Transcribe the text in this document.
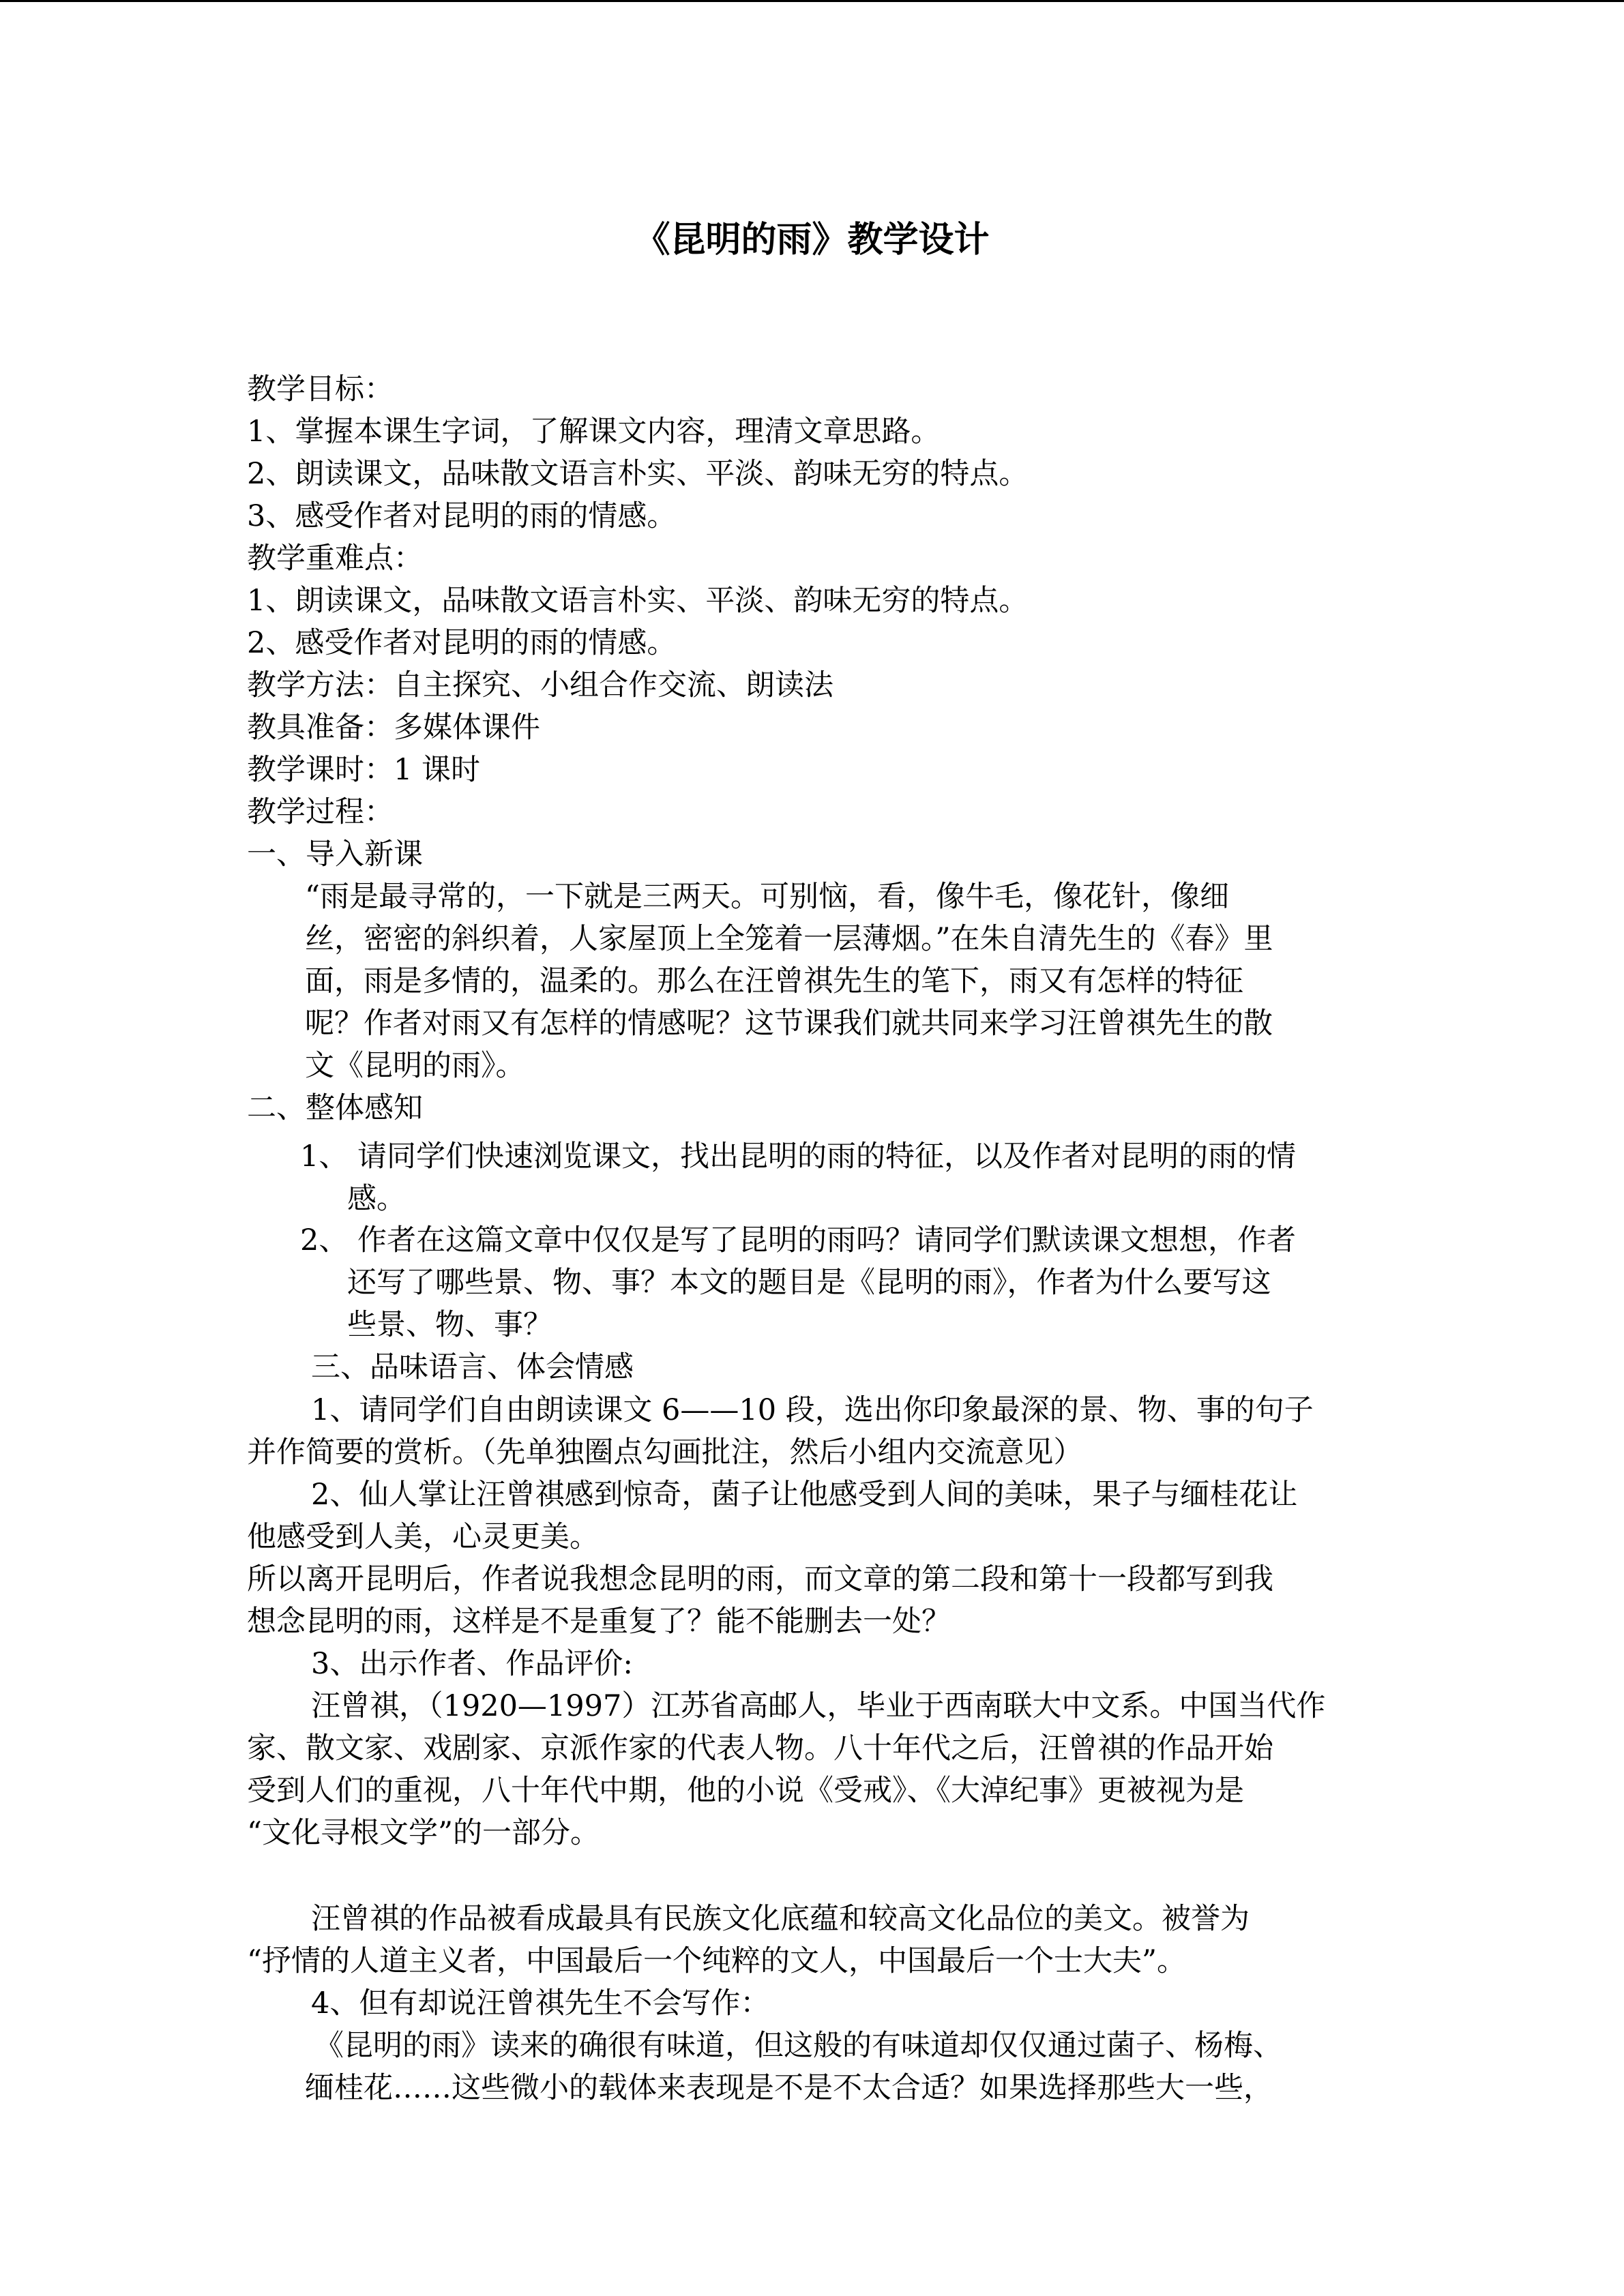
《昆明的雨》教学设计
教学目标：
1、掌握本课生字词，了解课文内容，理清文章思路。
2、朗读课文，品味散文语言朴实、平淡、韵味无穷的特点。
3、感受作者对昆明的雨的情感。
教学重难点：
1、朗读课文，品味散文语言朴实、平淡、韵味无穷的特点。
2、感受作者对昆明的雨的情感。
教学方法：自主探究、小组合作交流、朗读法
教具准备：多媒体课件
教学课时：1 课时
教学过程：
一、导入新课
“雨是最寻常的，一下就是三两天。可别恼，看，像牛毛，像花针，像细
丝，密密的斜织着，人家屋顶上全笼着一层薄烟。”在朱自清先生的《春》里
面，雨是多情的，温柔的。那么在汪曾祺先生的笔下，雨又有怎样的特征
呢？作者对雨又有怎样的情感呢？这节课我们就共同来学习汪曾祺先生的散
文《昆明的雨》。
二、整体感知
1、 请同学们快速浏览课文，找出昆明的雨的特征，以及作者对昆明的雨的情
感。
2、 作者在这篇文章中仅仅是写了昆明的雨吗？请同学们默读课文想想，作者
还写了哪些景、物、事？本文的题目是《昆明的雨》，作者为什么要写这
些景、物、事？
三、品味语言、体会情感
1、请同学们自由朗读课文 6——10 段，选出你印象最深的景、物、事的句子
并作简要的赏析。（先单独圈点勾画批注，然后小组内交流意见）
2、仙人掌让汪曾祺感到惊奇，菌子让他感受到人间的美味，果子与缅桂花让
他感受到人美，心灵更美。
所以离开昆明后，作者说我想念昆明的雨，而文章的第二段和第十一段都写到我
想念昆明的雨，这样是不是重复了？能不能删去一处？
3、出示作者、作品评价:
汪曾祺，（1920—1997）江苏省高邮人，毕业于西南联大中文系。中国当代作
家、散文家、戏剧家、京派作家的代表人物。八十年代之后，汪曾祺的作品开始
受到人们的重视，八十年代中期，他的小说《受戒》、《大淖纪事》更被视为是
“文化寻根文学”的一部分。
汪曾祺的作品被看成最具有民族文化底蕴和较高文化品位的美文。被誉为
“抒情的人道主义者，中国最后一个纯粹的文人，中国最后一个士大夫”。
4、但有却说汪曾祺先生不会写作：
《昆明的雨》读来的确很有味道，但这般的有味道却仅仅通过菌子、杨梅、
缅桂花……这些微小的载体来表现是不是不太合适？如果选择那些大一些，
